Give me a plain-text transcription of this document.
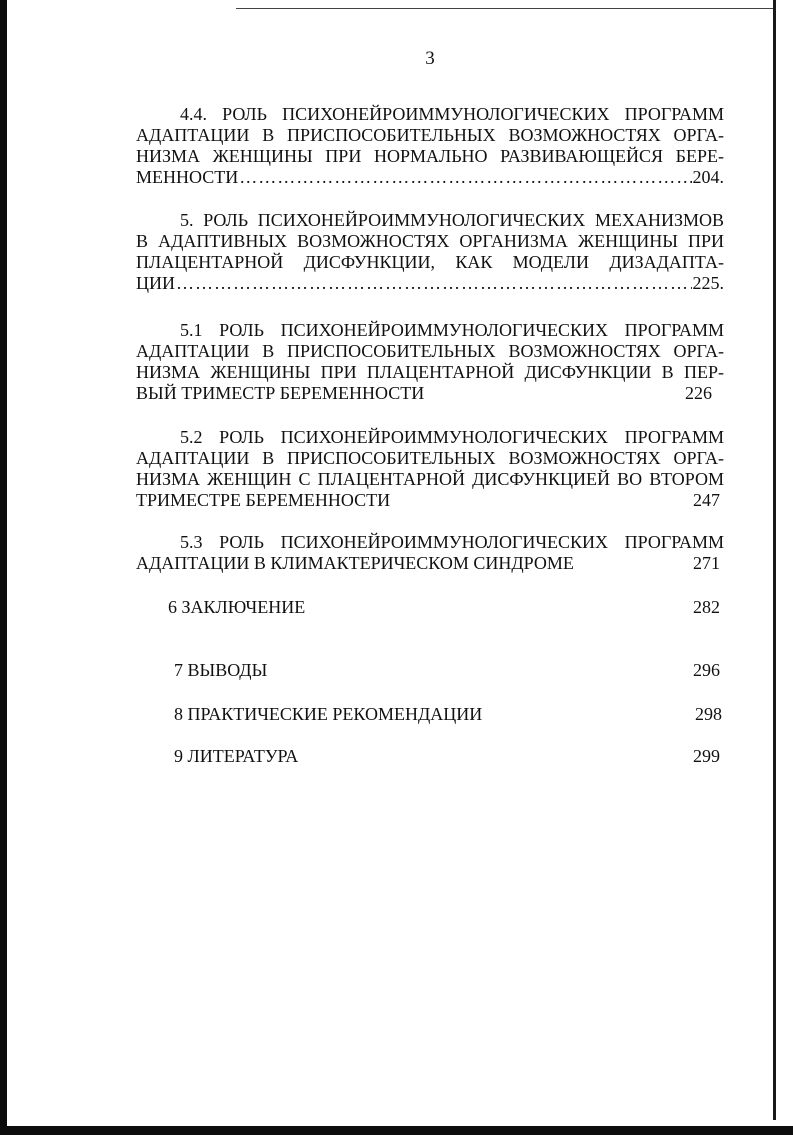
3
4.4. РОЛЬ ПСИХОНЕЙРОИММУНОЛОГИЧЕСКИХ ПРОГРАММ
АДАПТАЦИИ В ПРИСПОСОБИТЕЛЬНЫХ ВОЗМОЖНОСТЯХ ОРГА-
НИЗМА ЖЕНЩИНЫ ПРИ НОРМАЛЬНО РАЗВИВАЮЩЕЙСЯ БЕРЕ-
МЕННОСТИ ……………………………………………………………………………………………………………………………………	204.
5. РОЛЬ ПСИХОНЕЙРОИММУНОЛОГИЧЕСКИХ МЕХАНИЗМОВ
В АДАПТИВНЫХ ВОЗМОЖНОСТЯХ ОРГАНИЗМА ЖЕНЩИНЫ ПРИ
ПЛАЦЕНТАРНОЙ ДИСФУНКЦИИ, КАК МОДЕЛИ ДИЗАДАПТА-
ЦИИ ……………………………………………………………………………………………………………………………………	225.
5.1 РОЛЬ ПСИХОНЕЙРОИММУНОЛОГИЧЕСКИХ ПРОГРАММ
АДАПТАЦИИ В ПРИСПОСОБИТЕЛЬНЫХ ВОЗМОЖНОСТЯХ ОРГА-
НИЗМА ЖЕНЩИНЫ ПРИ ПЛАЦЕНТАРНОЙ ДИСФУНКЦИИ В ПЕР-
ВЫЙ ТРИМЕСТР БЕРЕМЕННОСТИ	226
5.2 РОЛЬ ПСИХОНЕЙРОИММУНОЛОГИЧЕСКИХ ПРОГРАММ
АДАПТАЦИИ В ПРИСПОСОБИТЕЛЬНЫХ ВОЗМОЖНОСТЯХ ОРГА-
НИЗМА ЖЕНЩИН С ПЛАЦЕНТАРНОЙ ДИСФУНКЦИЕЙ ВО ВТОРОМ
ТРИМЕСТРЕ БЕРЕМЕННОСТИ	247
5.3 РОЛЬ ПСИХОНЕЙРОИММУНОЛОГИЧЕСКИХ ПРОГРАММ
АДАПТАЦИИ В КЛИМАКТЕРИЧЕСКОМ СИНДРОМЕ	271
6 ЗАКЛЮЧЕНИЕ	282
7 ВЫВОДЫ	296
8 ПРАКТИЧЕСКИЕ РЕКОМЕНДАЦИИ	298
9 ЛИТЕРАТУРА	299
